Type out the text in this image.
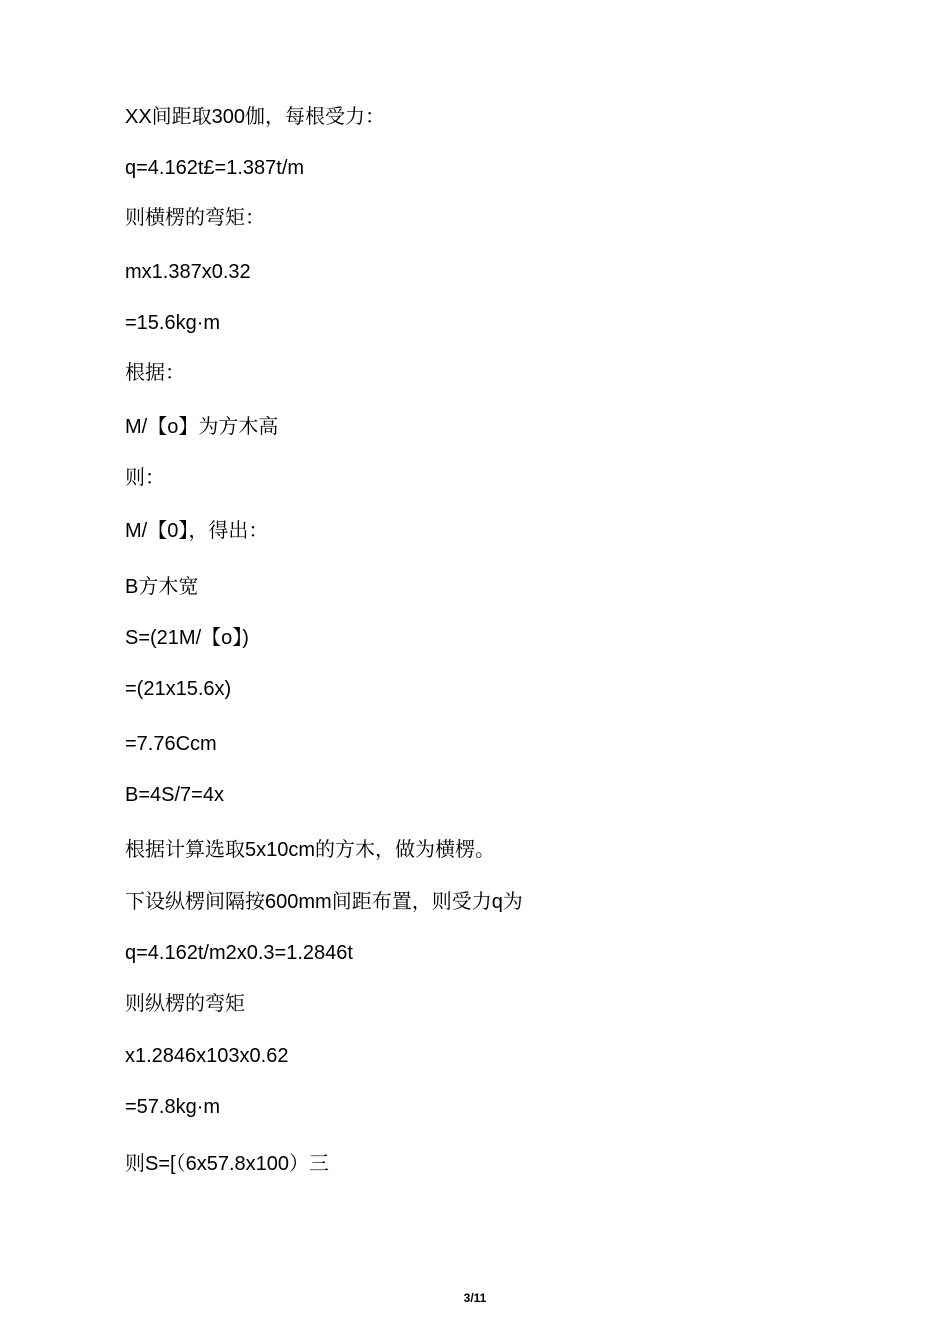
XX间距取300伽，每根受力：
q=4.162t£=1.387t/m
则横楞的弯矩：
mx1.387x0.32
=15.6kg·m
根据：
M/【o】为方木高
则：
M/【0】，得出：
B方木宽
S=(21M/【o】)
=(21x15.6x)
=7.76Ccm
B=4S/7=4x
根据计算选取5x10cm的方木，做为横楞。
下设纵楞间隔按600mm间距布置，则受力q为
q=4.162t/m2x0.3=1.2846t
则纵楞的弯矩
x1.2846x103x0.62
=57.8kg·m
则S=[（6x57.8x100）三
3/11
